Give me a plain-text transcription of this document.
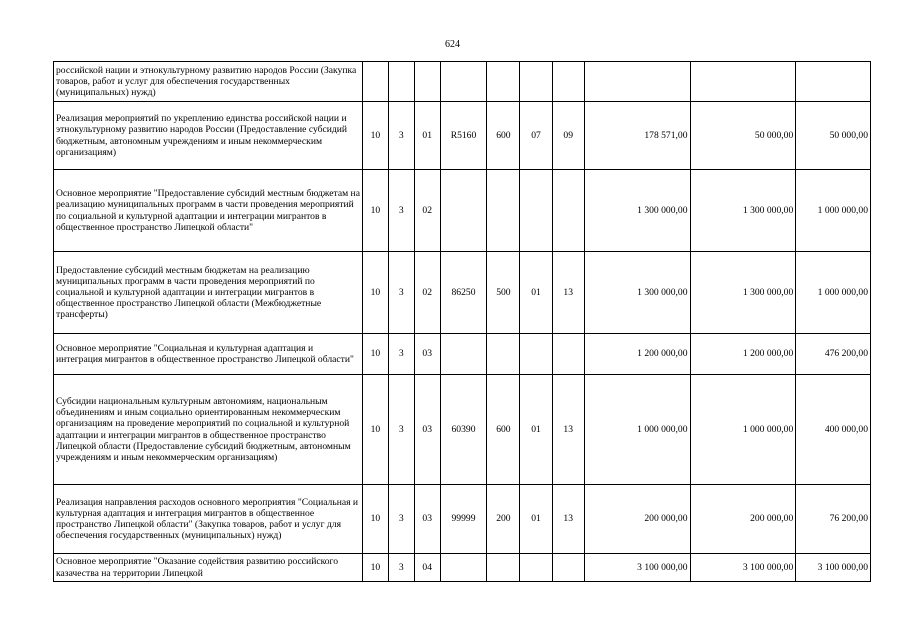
624
российской нации и этнокультурному развитию народов России (Закупка товаров, работ и услуг для обеспечения государственных (муниципальных) нужд)										
Реализация мероприятий по укреплению единства российской нации и этнокультурному развитию народов России (Предоставление субсидий бюджетным, автономным учреждениям и иным некоммерческим организациям)	10	3	01	R5160	600	07	09	178 571,00	50 000,00	50 000,00
Основное мероприятие "Предоставление субсидий местным бюджетам на реализацию муниципальных программ в части проведения мероприятий по социальной и культурной адаптации и интеграции мигрантов в общественное пространство Липецкой области"	10	3	02					1 300 000,00	1 300 000,00	1 000 000,00
Предоставление субсидий местным бюджетам на реализацию муниципальных программ в части проведения мероприятий по социальной и культурной адаптации и интеграции мигрантов в общественное пространство Липецкой области (Межбюджетные трансферты)	10	3	02	86250	500	01	13	1 300 000,00	1 300 000,00	1 000 000,00
Основное мероприятие "Социальная и культурная адаптация и интеграция мигрантов в общественное пространство Липецкой области"	10	3	03					1 200 000,00	1 200 000,00	476 200,00
Субсидии национальным культурным автономиям, национальным объединениям и иным социально ориентированным некоммерческим организациям на проведение мероприятий по социальной и культурной адаптации и интеграции мигрантов в общественное пространство Липецкой области (Предоставление субсидий бюджетным, автономным учреждениям и иным некоммерческим организациям)	10	3	03	60390	600	01	13	1 000 000,00	1 000 000,00	400 000,00
Реализация направления расходов основного мероприятия "Социальная и культурная адаптация и интеграция мигрантов в общественное пространство Липецкой области" (Закупка товаров, работ и услуг для обеспечения государственных (муниципальных) нужд)	10	3	03	99999	200	01	13	200 000,00	200 000,00	76 200,00
Основное мероприятие "Оказание содействия развитию российского казачества на территории Липецкой	10	3	04					3 100 000,00	3 100 000,00	3 100 000,00
